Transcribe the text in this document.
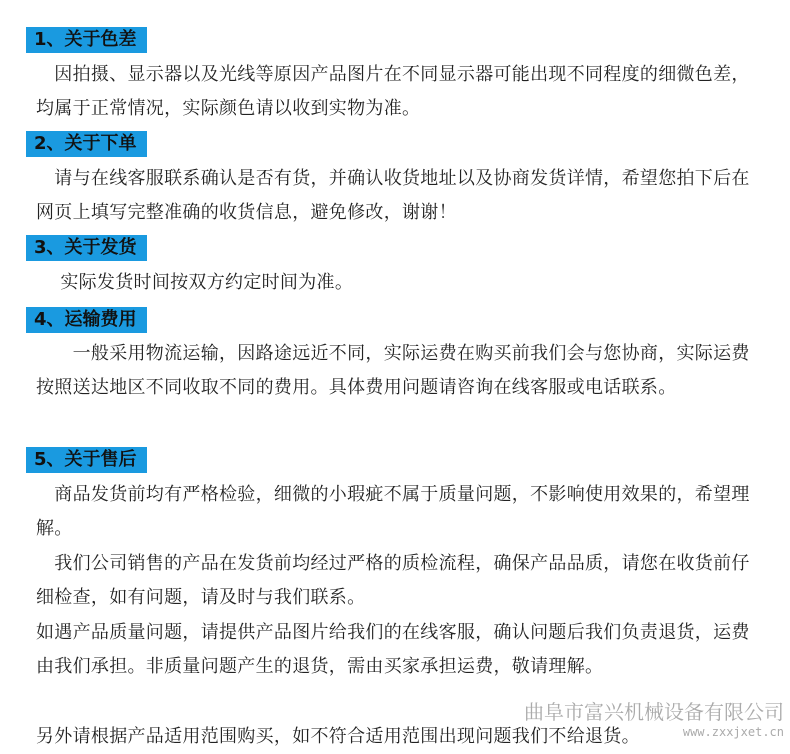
1、关于色差
　因拍摄、显示器以及光线等原因产品图片在不同显示器可能出现不同程度的细微色差，均属于正常情况，实际颜色请以收到实物为准。
2、关于下单
　请与在线客服联系确认是否有货，并确认收货地址以及协商发货详情，希望您拍下后在网页上填写完整准确的收货信息，避免修改，谢谢！
3、关于发货
　 实际发货时间按双方约定时间为准。
4、运输费用
　　一般采用物流运输，因路途远近不同，实际运费在购买前我们会与您协商，实际运费按照送达地区不同收取不同的费用。具体费用问题请咨询在线客服或电话联系。
5、关于售后
　商品发货前均有严格检验，细微的小瑕疵不属于质量问题，不影响使用效果的，希望理解。
　我们公司销售的产品在发货前均经过严格的质检流程，确保产品品质，请您在收货前仔细检查，如有问题，请及时与我们联系。
如遇产品质量问题，请提供产品图片给我们的在线客服，确认问题后我们负责退货，运费由我们承担。非质量问题产生的退货，需由买家承担运费，敬请理解。
另外请根据产品适用范围购买，如不符合适用范围出现问题我们不给退货。
曲阜市富兴机械设备有限公司
www.zxxjxet.cn
